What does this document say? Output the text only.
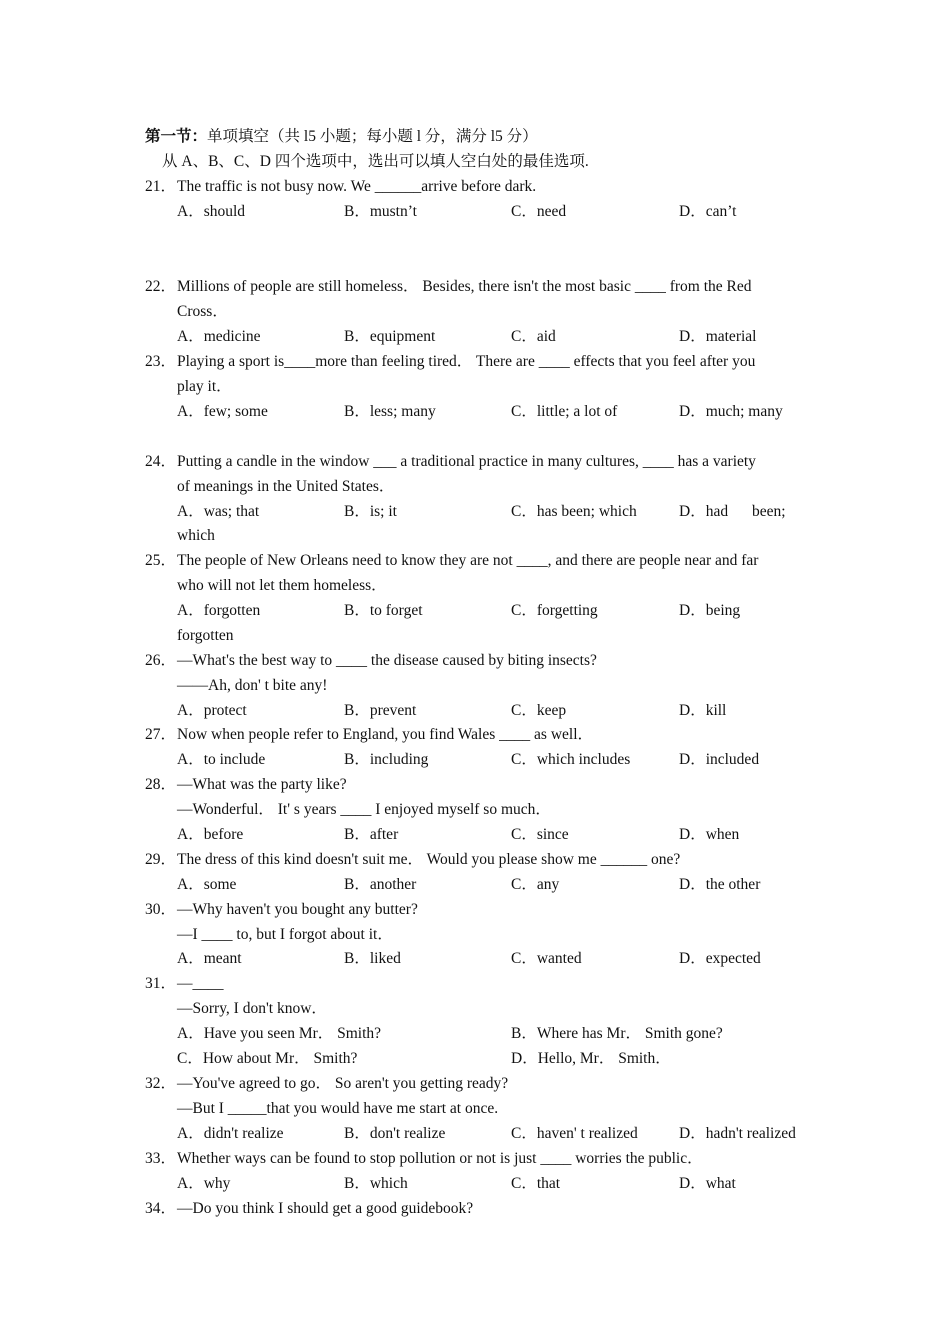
第一节：单项填空（共 l5 小题；每小题 l 分，满分 l5 分）
从 A、B、C、D 四个选项中，选出可以填人空白处的最佳选项.
21． The traffic is not busy now. We ______arrive before dark.
A．should	B．mustn’t	C．need	D．can’t
22． Millions of people are still homeless． Besides, there isn't the most basic ____ from the Red
Cross．
A．medicine	B．equipment	C．aid	D．material
23． Playing a sport is____more than feeling tired． There are ____ effects that you feel after you
play it．
A．few; some	B．less; many	C．little; a lot of	D．much; many
24． Putting a candle in the window ___ a traditional practice in many cultures, ____ has a variety
of meanings in the United States．
A．was; that	B．is; it	C．has been; which	D．had been;
which
25． The people of New Orleans need to know they are not ____, and there are people near and far
who will not let them homeless．
A．forgotten	B．to forget	C．forgetting	D．being
forgotten
26． —What's the best way to ____ the disease caused by biting insects?
——Ah, don' t bite any!
A．protect	B．prevent	C．keep	D．kill
27． Now when people refer to England, you find Wales ____ as well．
A．to include	B．including	C．which includes	D．included
28． —What was the party like?
—Wonderful． It' s years ____ I enjoyed myself so much．
A．before	B．after	C．since	D．when
29． The dress of this kind doesn't suit me． Would you please show me ______ one?
A．some	B．another	C．any	D．the other
30． —Why haven't you bought any butter?
—I ____ to, but I forgot about it．
A．meant	B．liked	C．wanted	D．expected
31． —____
—Sorry, I don't know．
A．Have you seen Mr． Smith?	B．Where has Mr． Smith gone?
C．How about Mr． Smith?	D．Hello, Mr． Smith．
32． —You've agreed to go． So aren't you getting ready?
—But I _____that you would have me start at once.
A．didn't realize	B．don't realize	C．haven' t realized	D．hadn't realized
33． Whether ways can be found to stop pollution or not is just ____ worries the public．
A．why	B．which	C．that	D．what
34． —Do you think I should get a good guidebook?
